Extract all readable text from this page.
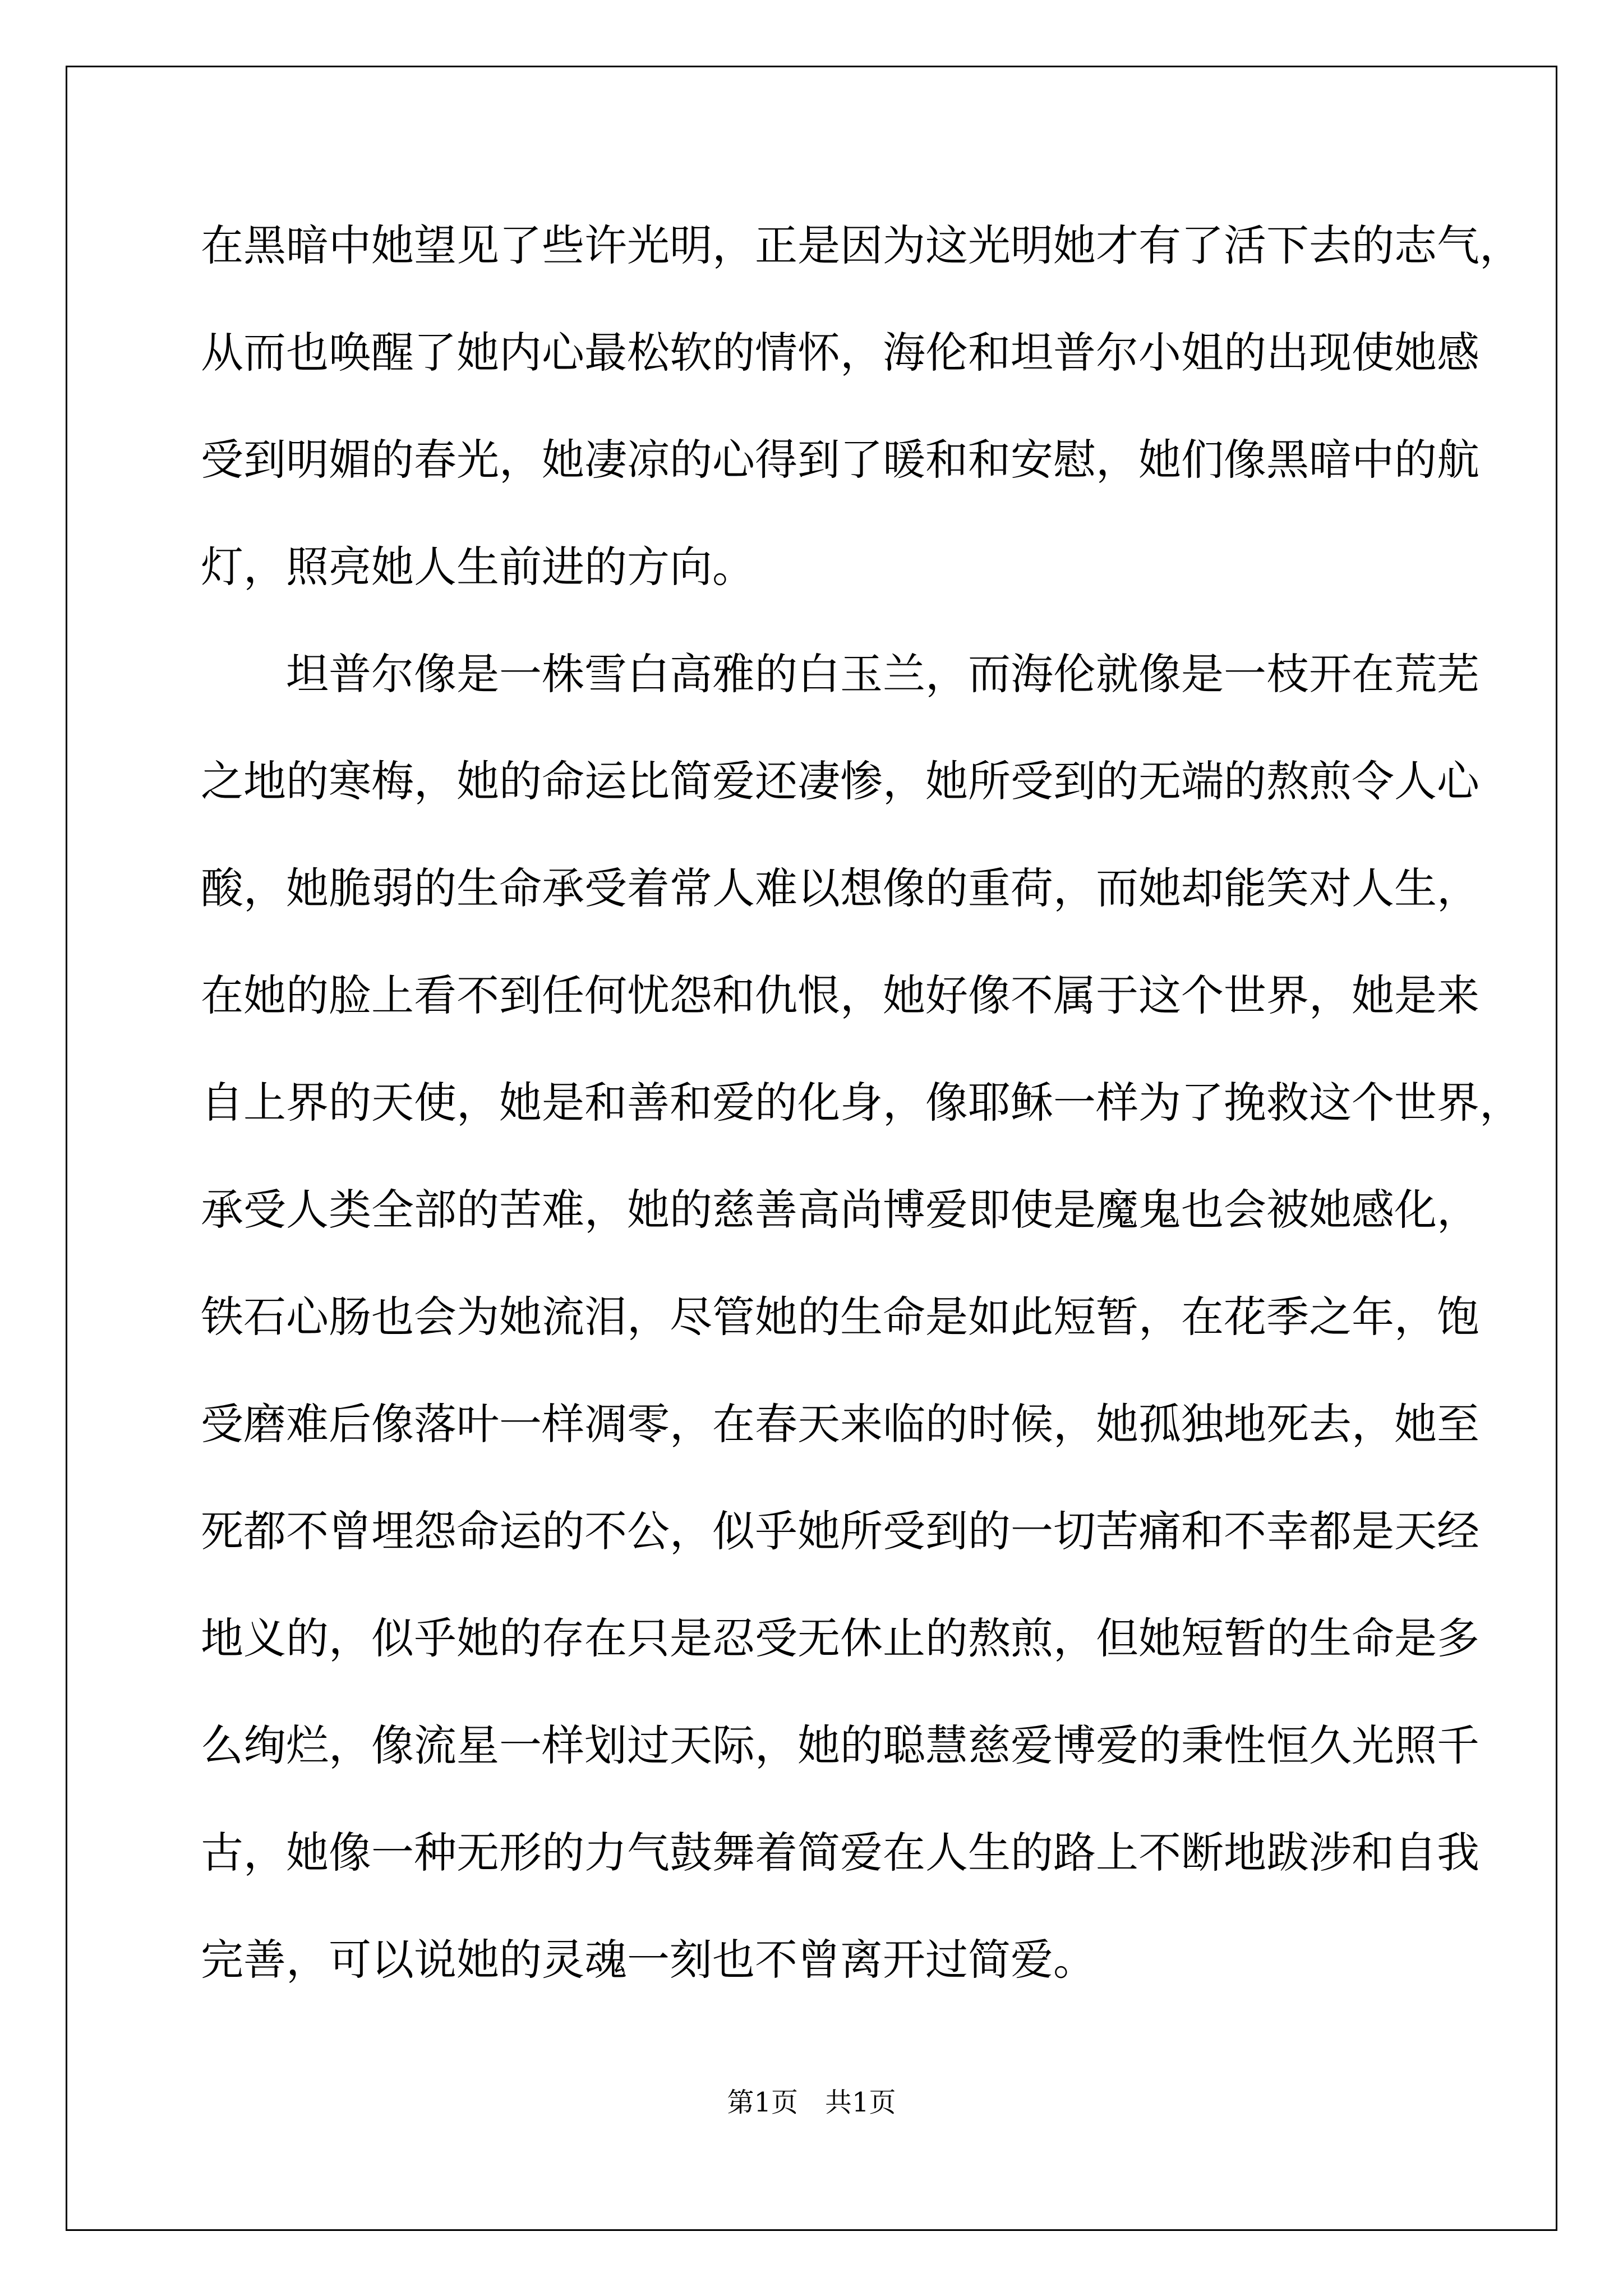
在黑暗中她望见了些许光明，正是因为这光明她才有了活下去的志气，
从而也唤醒了她内心最松软的情怀，海伦和坦普尔小姐的出现使她感
受到明媚的春光，她凄凉的心得到了暖和和安慰，她们像黑暗中的航
灯，照亮她人生前进的方向。
坦普尔像是一株雪白高雅的白玉兰，而海伦就像是一枝开在荒芜
之地的寒梅，她的命运比简爱还凄惨，她所受到的无端的熬煎令人心
酸，她脆弱的生命承受着常人难以想像的重荷，而她却能笑对人生，
在她的脸上看不到任何忧怨和仇恨，她好像不属于这个世界，她是来
自上界的天使，她是和善和爱的化身，像耶稣一样为了挽救这个世界，
承受人类全部的苦难，她的慈善高尚博爱即使是魔鬼也会被她感化，
铁石心肠也会为她流泪，尽管她的生命是如此短暂，在花季之年，饱
受磨难后像落叶一样凋零，在春天来临的时候，她孤独地死去，她至
死都不曾埋怨命运的不公，似乎她所受到的一切苦痛和不幸都是天经
地义的，似乎她的存在只是忍受无休止的熬煎，但她短暂的生命是多
么绚烂，像流星一样划过天际，她的聪慧慈爱博爱的秉性恒久光照千
古，她像一种无形的力气鼓舞着简爱在人生的路上不断地跋涉和自我
完善，可以说她的灵魂一刻也不曾离开过简爱。
第1页 共1页
